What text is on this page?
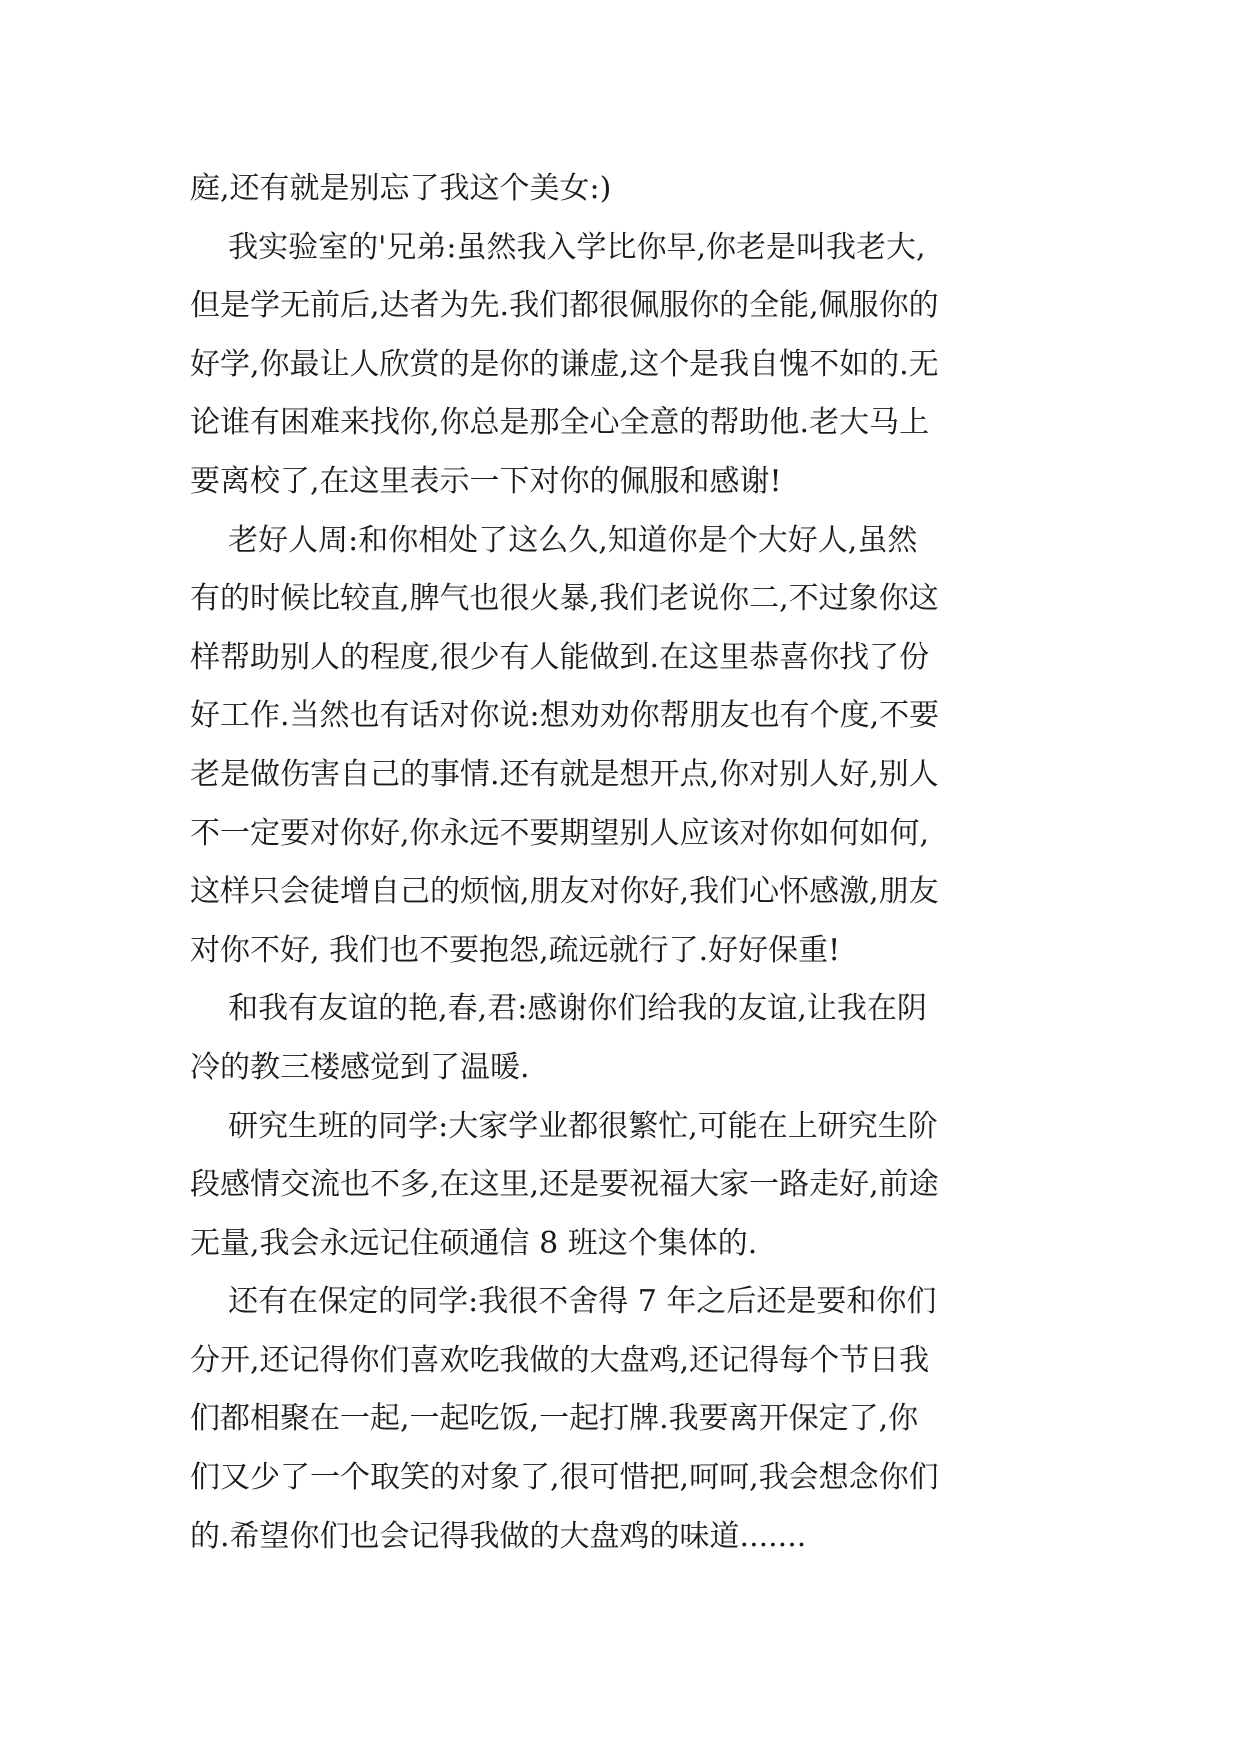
庭,还有就是别忘了我这个美女:)
我实验室的'兄弟:虽然我入学比你早,你老是叫我老大,
但是学无前后,达者为先.我们都很佩服你的全能,佩服你的
好学,你最让人欣赏的是你的谦虚,这个是我自愧不如的.无
论谁有困难来找你,你总是那全心全意的帮助他.老大马上
要离校了,在这里表示一下对你的佩服和感谢!
老好人周:和你相处了这么久,知道你是个大好人,虽然
有的时候比较直,脾气也很火暴,我们老说你二,不过象你这
样帮助别人的程度,很少有人能做到.在这里恭喜你找了份
好工作.当然也有话对你说:想劝劝你帮朋友也有个度,不要
老是做伤害自己的事情.还有就是想开点,你对别人好,别人
不一定要对你好,你永远不要期望别人应该对你如何如何,
这样只会徒增自己的烦恼,朋友对你好,我们心怀感激,朋友
对你不好, 我们也不要抱怨,疏远就行了.好好保重!
和我有友谊的艳,春,君:感谢你们给我的友谊,让我在阴
冷的教三楼感觉到了温暖.
研究生班的同学:大家学业都很繁忙,可能在上研究生阶
段感情交流也不多,在这里,还是要祝福大家一路走好,前途
无量,我会永远记住硕通信 8 班这个集体的.
还有在保定的同学:我很不舍得 7 年之后还是要和你们
分开,还记得你们喜欢吃我做的大盘鸡,还记得每个节日我
们都相聚在一起,一起吃饭,一起打牌.我要离开保定了,你
们又少了一个取笑的对象了,很可惜把,呵呵,我会想念你们
的.希望你们也会记得我做的大盘鸡的味道.......
